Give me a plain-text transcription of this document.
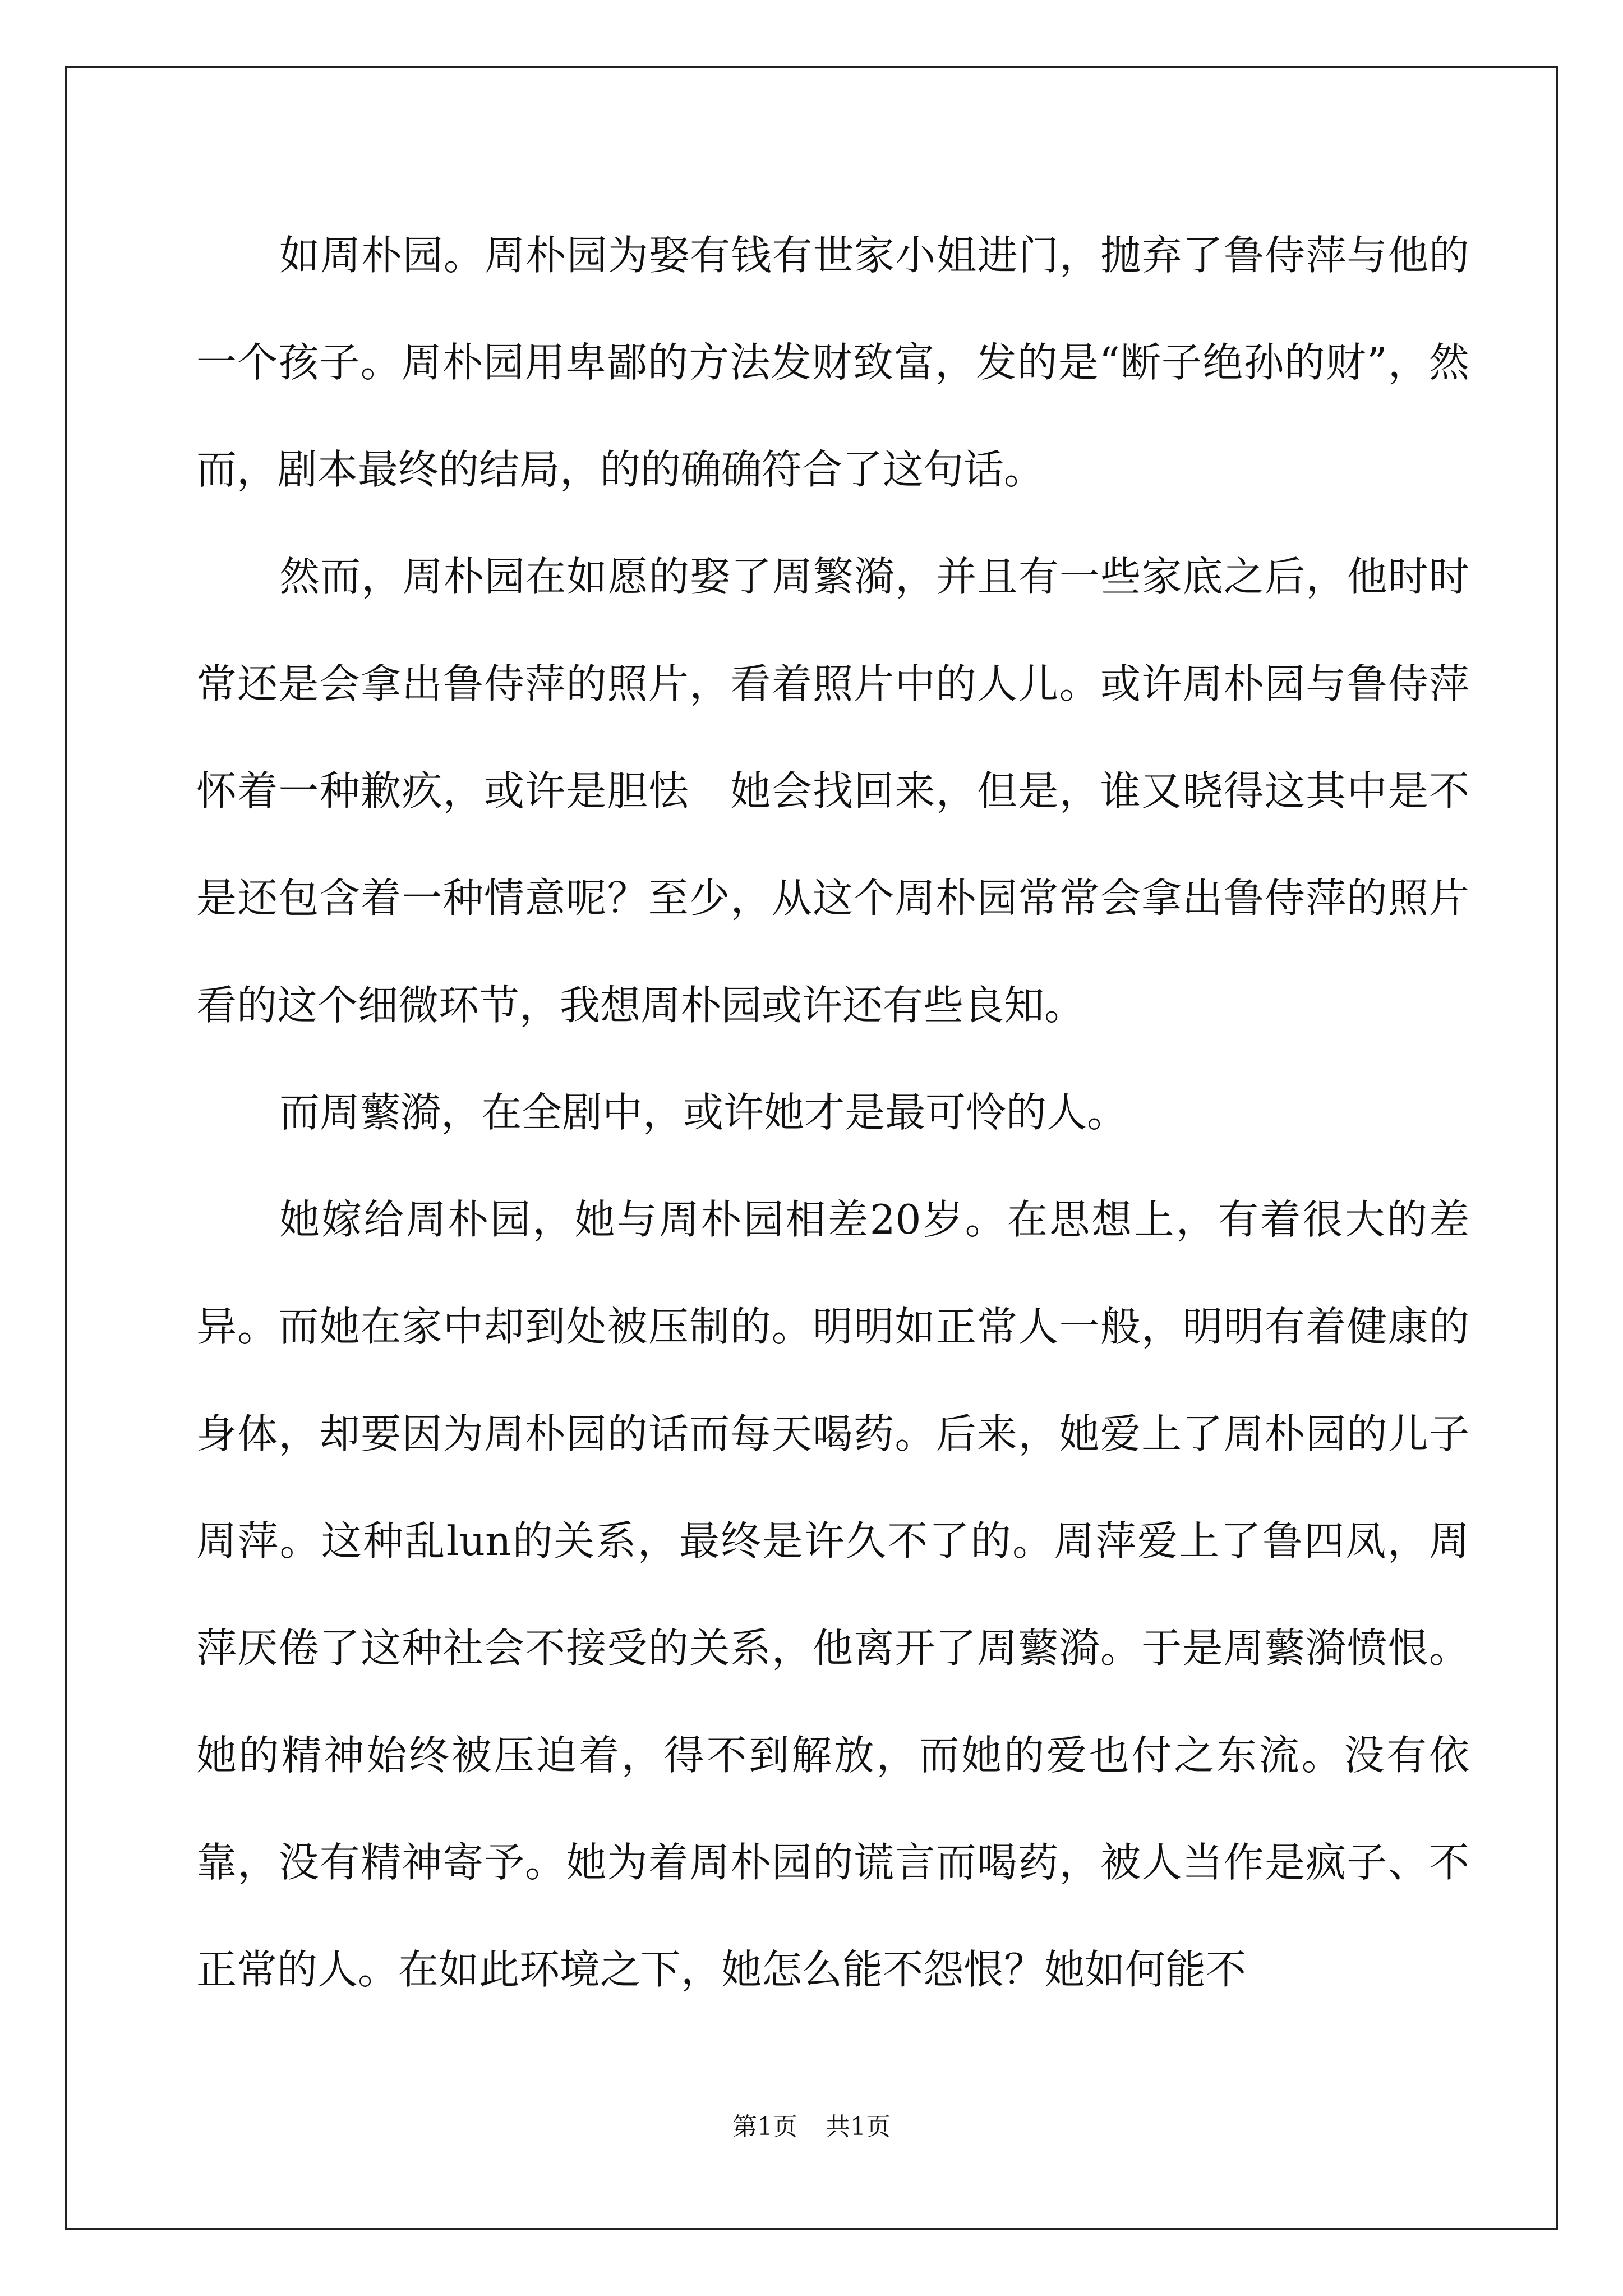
如周朴园。周朴园为娶有钱有世家小姐进门，抛弃了鲁侍萍与他的一个孩子。周朴园用卑鄙的方法发财致富，发的是“断子绝孙的财”，然而，剧本最终的结局，的的确确符合了这句话。

然而，周朴园在如愿的娶了周繁漪，并且有一些家底之后，他时时常还是会拿出鲁侍萍的照片，看着照片中的人儿。或许周朴园与鲁侍萍怀着一种歉疚，或许是胆怯　她会找回来，但是，谁又晓得这其中是不是还包含着一种情意呢？至少，从这个周朴园常常会拿出鲁侍萍的照片看的这个细微环节，我想周朴园或许还有些良知。

而周蘩漪，在全剧中，或许她才是最可怜的人。

她嫁给周朴园，她与周朴园相差20岁。在思想上，有着很大的差异。而她在家中却到处被压制的。明明如正常人一般，明明有着健康的身体，却要因为周朴园的话而每天喝药。后来，她爱上了周朴园的儿子周萍。这种乱lun的关系，最终是许久不了的。周萍爱上了鲁四凤，周萍厌倦了这种社会不接受的关系，他离开了周蘩漪。于是周蘩漪愤恨。她的精神始终被压迫着，得不到解放，而她的爱也付之东流。没有依靠，没有精神寄予。她为着周朴园的谎言而喝药，被人当作是疯子、不正常的人。在如此环境之下，她怎么能不怨恨？她如何能不

第1页 共1页
